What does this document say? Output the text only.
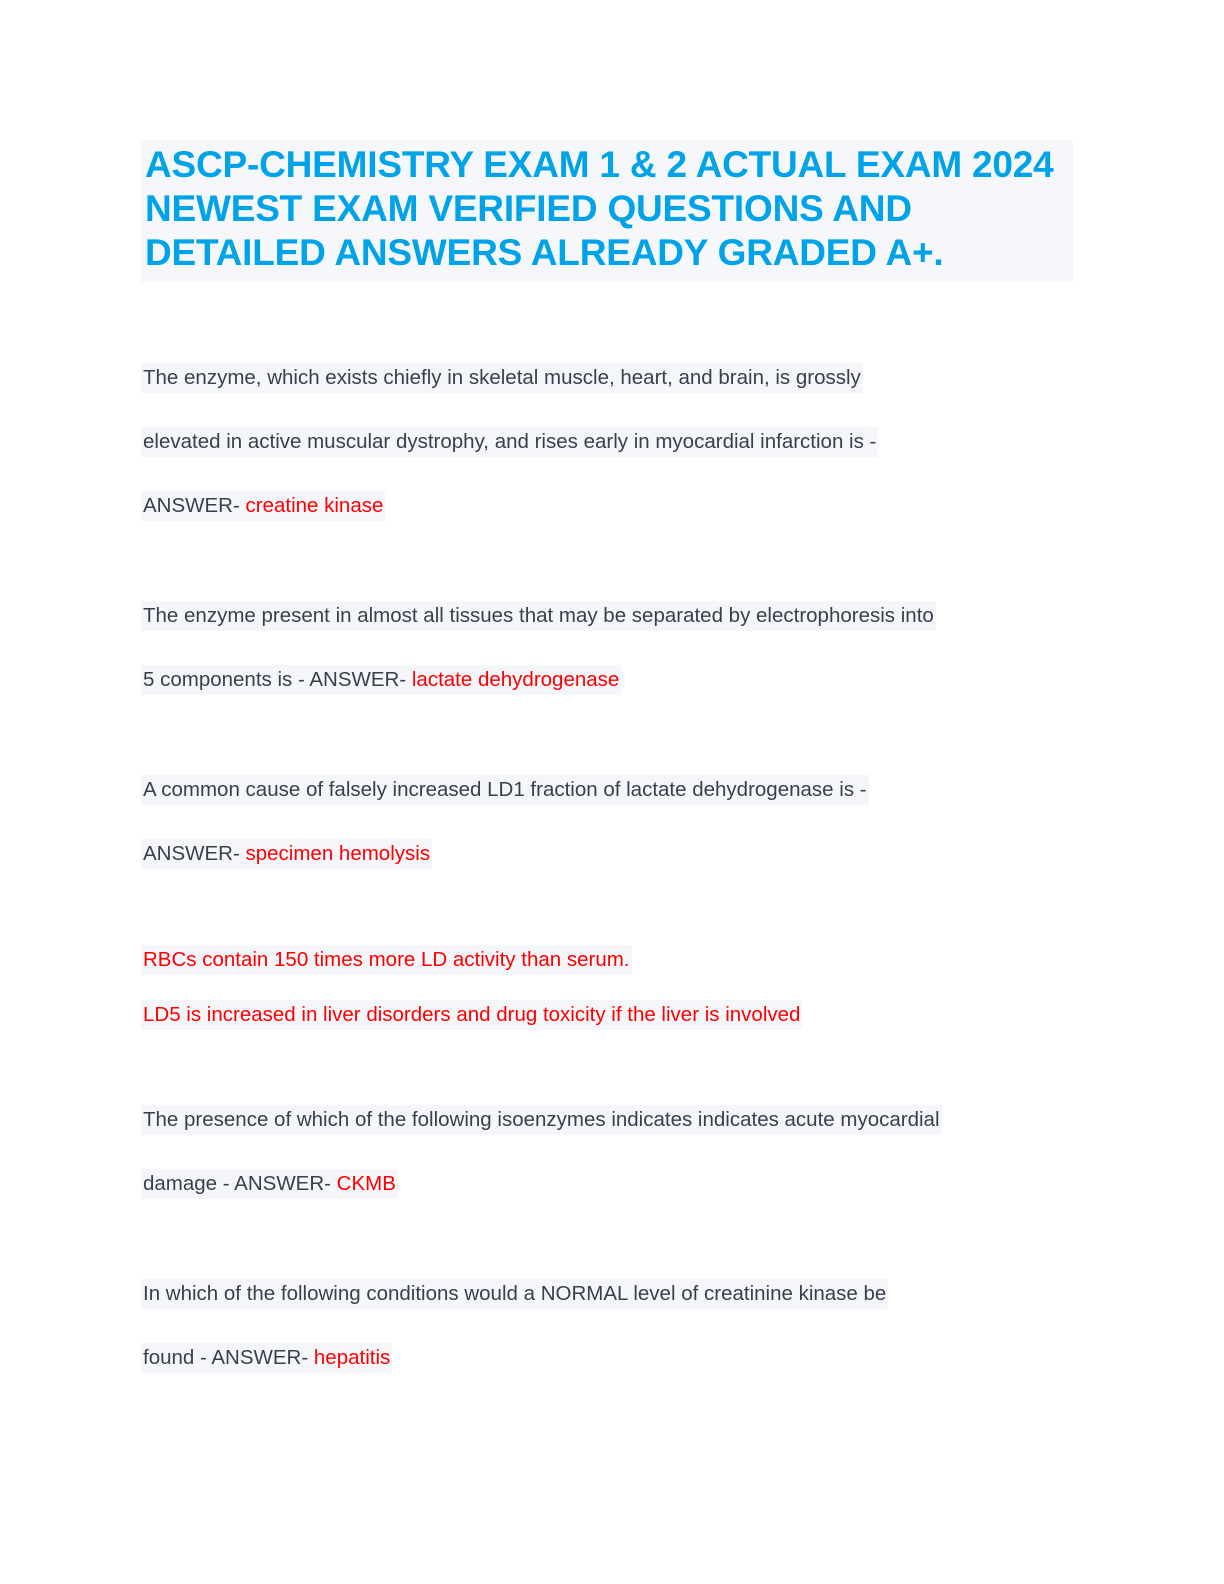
ASCP-CHEMISTRY EXAM 1 & 2 ACTUAL EXAM 2024 NEWEST EXAM VERIFIED QUESTIONS AND DETAILED ANSWERS ALREADY GRADED A+.
The enzyme, which exists chiefly in skeletal muscle, heart, and brain, is grossly
elevated in active muscular dystrophy, and rises early in myocardial infarction is -
ANSWER- creatine kinase
The enzyme present in almost all tissues that may be separated by electrophoresis into
5 components is - ANSWER- lactate dehydrogenase
A common cause of falsely increased LD1 fraction of lactate dehydrogenase is -
ANSWER- specimen hemolysis
RBCs contain 150 times more LD activity than serum.
LD5 is increased in liver disorders and drug toxicity if the liver is involved
The presence of which of the following isoenzymes indicates indicates acute myocardial
damage - ANSWER- CKMB
In which of the following conditions would a NORMAL level of creatinine kinase be
found - ANSWER- hepatitis
